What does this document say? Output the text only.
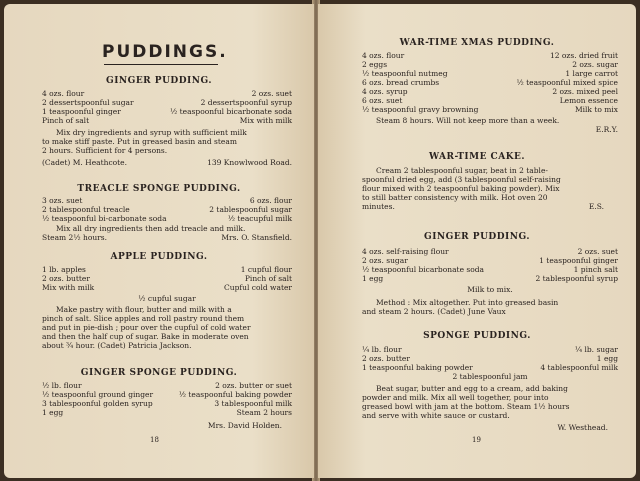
PUDDINGS.
GINGER PUDDING.
4 ozs. flour	2 ozs. suet
2 dessertspoonful sugar	2 dessertspoonful syrup
1 teaspoonful ginger	½ teaspoonful bicarbonate soda
Pinch of salt	Mix with milk
Mix dry ingredients and syrup with sufficient milk
to make stiff paste. Put in greased basin and steam
2 hours. Sufficient for 4 persons.
(Cadet) M. Heathcote.	139 Knowlwood Road.
TREACLE SPONGE PUDDING.
3 ozs. suet	6 ozs. flour
2 tablespoonful treacle	2 tablespoonful sugar
½ teaspoonful bi-carbonate soda	½ teacupful milk
Mix all dry ingredients then add treacle and milk.
Steam 2½ hours.	Mrs. O. Stansfield.
APPLE PUDDING.
1 lb. apples	1 cupful flour
2 ozs. butter	Pinch of salt
Mix with milk	Cupful cold water
½ cupful sugar
Make pastry with flour, butter and milk with a
pinch of salt. Slice apples and roll pastry round them
and put in pie-dish ; pour over the cupful of cold water
and then the half cup of sugar. Bake in moderate oven
about ¾ hour. (Cadet) Patricia Jackson.
GINGER SPONGE PUDDING.
½ lb. flour	2 ozs. butter or suet
½ teaspoonful ground ginger	½ teaspoonful baking powder
3 tablespoonful golden syrup	3 tablespoonful milk
1 egg	Steam 2 hours
Mrs. David Holden.
18
WAR-TIME XMAS PUDDING.
4 ozs. flour	12 ozs. dried fruit
2 eggs	2 ozs. sugar
½ teaspoonful nutmeg	1 large carrot
6 ozs. bread crumbs	½ teaspoonful mixed spice
4 ozs. syrup	2 ozs. mixed peel
6 ozs. suet	Lemon essence
½ teaspoonful gravy browning	Milk to mix
Steam 8 hours. Will not keep more than a week.
E.R.Y.
WAR-TIME CAKE.
Cream 2 tablespoonful sugar, beat in 2 table-
spoonful dried egg, add (3 tablespoonful self-raising
flour mixed with 2 teaspoonful baking powder). Mix
to still batter consistency with milk. Hot oven 20
minutes.	E.S.
GINGER PUDDING.
4 ozs. self-raising flour	2 ozs. suet
2 ozs. sugar	1 teaspoonful ginger
½ teaspoonful bicarbonate soda	1 pinch salt
1 egg	2 tablespoonful syrup
Milk to mix.
Method : Mix altogether. Put into greased basin
and steam 2 hours. (Cadet) June Vaux
SPONGE PUDDING.
¼ lb. flour	¼ lb. sugar
2 ozs. butter	1 egg
1 teaspoonful baking powder	4 tablespoonful milk
2 tablespoonful jam
Beat sugar, butter and egg to a cream, add baking
powder and milk. Mix all well together, pour into
greased bowl with jam at the bottom. Steam 1½ hours
and serve with white sauce or custard.
W. Westhead.
19
